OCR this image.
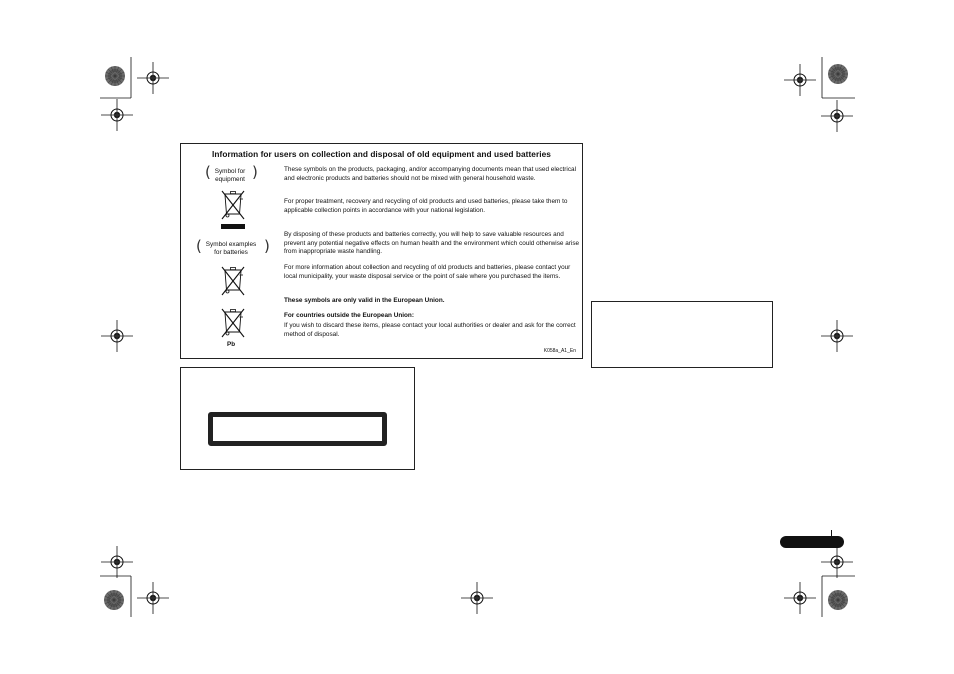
Information for users on collection and disposal of old equipment and used batteries
( Symbol for
equipment )
( Symbol examples
for batteries	)
Pb
These symbols on the products, packaging, and/or accompanying documents mean that used electrical and electronic products and batteries should not be mixed with general household waste.
For proper treatment, recovery and recycling of old products and used batteries, please take them to applicable collection points in accordance with your national legislation.
By disposing of these products and batteries correctly, you will help to save valuable resources and prevent any potential negative effects on human health and the environment which could otherwise arise from inappropriate waste handling.
For more information about collection and recycling of old products and batteries, please contact your local municipality, your waste disposal service or the point of sale where you purchased the items.
These symbols are only valid in the European Union.
For countries outside the European Union:
If you wish to discard these items, please contact your local authorities or dealer and ask for the correct method of disposal.
K058a_A1_En
